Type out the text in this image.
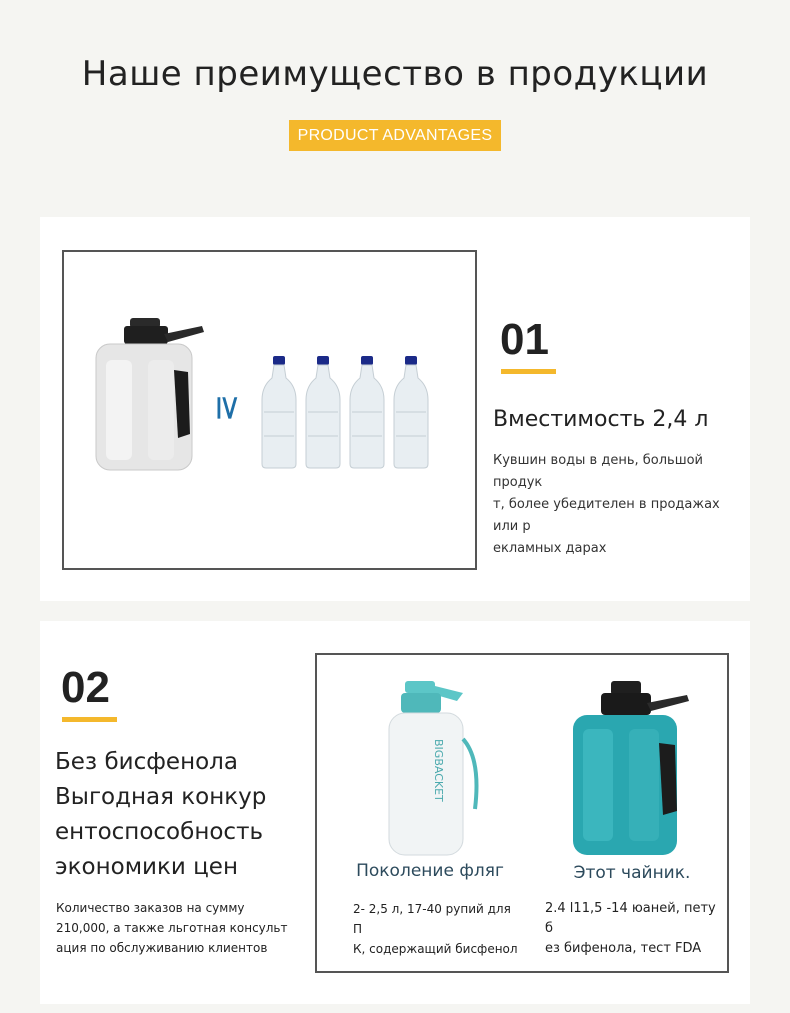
Наше преимущество в продукции
PRODUCT ADVANTAGES
≥
01
Вместимость 2,4 л
Кувшин воды в день, большой продук
т, более убедителен в продажах или р
екламных дарах
02
Без бисфенола
Выгодная конкур
ентоспособность
экономики цен
Количество заказов на сумму
210,000, а также льготная консульт
ация по обслуживанию клиентов
BIGBACKET
Поколение фляг
2- 2,5 л, 17-40 рупий для П
К, содержащий бисфенол
Этот чайник.
2.4 l11,5 -14 юаней, пету б
ез бифенола, тест FDA
